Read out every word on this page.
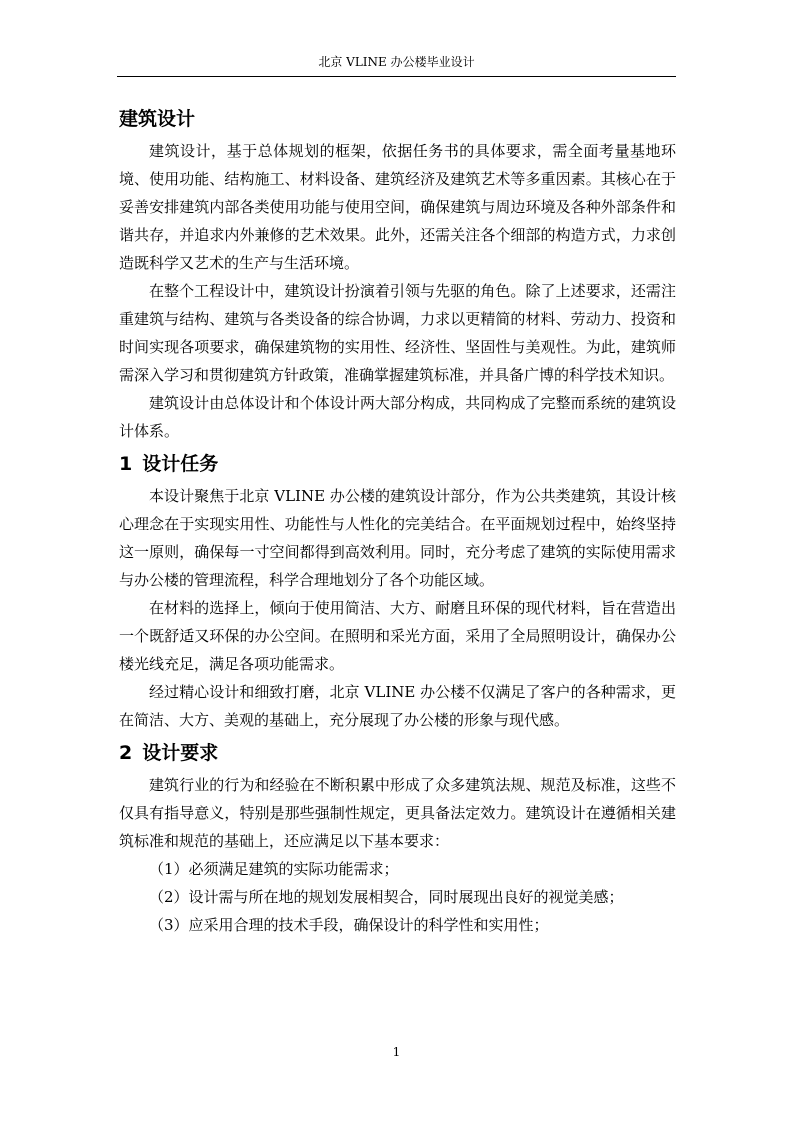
北京 VLINE 办公楼毕业设计
建筑设计

建筑设计，基于总体规划的框架，依据任务书的具体要求，需全面考量基地环境、使用功能、结构施工、材料设备、建筑经济及建筑艺术等多重因素。其核心在于妥善安排建筑内部各类使用功能与使用空间，确保建筑与周边环境及各种外部条件和谐共存，并追求内外兼修的艺术效果。此外，还需关注各个细部的构造方式，力求创造既科学又艺术的生产与生活环境。

在整个工程设计中，建筑设计扮演着引领与先驱的角色。除了上述要求，还需注重建筑与结构、建筑与各类设备的综合协调，力求以更精简的材料、劳动力、投资和时间实现各项要求，确保建筑物的实用性、经济性、坚固性与美观性。为此，建筑师需深入学习和贯彻建筑方针政策，准确掌握建筑标准，并具备广博的科学技术知识。

建筑设计由总体设计和个体设计两大部分构成，共同构成了完整而系统的建筑设计体系。

1 设计任务

本设计聚焦于北京 VLINE 办公楼的建筑设计部分，作为公共类建筑，其设计核心理念在于实现实用性、功能性与人性化的完美结合。在平面规划过程中，始终坚持这一原则，确保每一寸空间都得到高效利用。同时，充分考虑了建筑的实际使用需求与办公楼的管理流程，科学合理地划分了各个功能区域。

在材料的选择上，倾向于使用简洁、大方、耐磨且环保的现代材料，旨在营造出一个既舒适又环保的办公空间。在照明和采光方面，采用了全局照明设计，确保办公楼光线充足，满足各项功能需求。

经过精心设计和细致打磨，北京 VLINE 办公楼不仅满足了客户的各种需求，更在简洁、大方、美观的基础上，充分展现了办公楼的形象与现代感。

2 设计要求

建筑行业的行为和经验在不断积累中形成了众多建筑法规、规范及标准，这些不仅具有指导意义，特别是那些强制性规定，更具备法定效力。建筑设计在遵循相关建筑标准和规范的基础上，还应满足以下基本要求：

（1）必须满足建筑的实际功能需求；

（2）设计需与所在地的规划发展相契合，同时展现出良好的视觉美感；

（3）应采用合理的技术手段，确保设计的科学性和实用性；

1
